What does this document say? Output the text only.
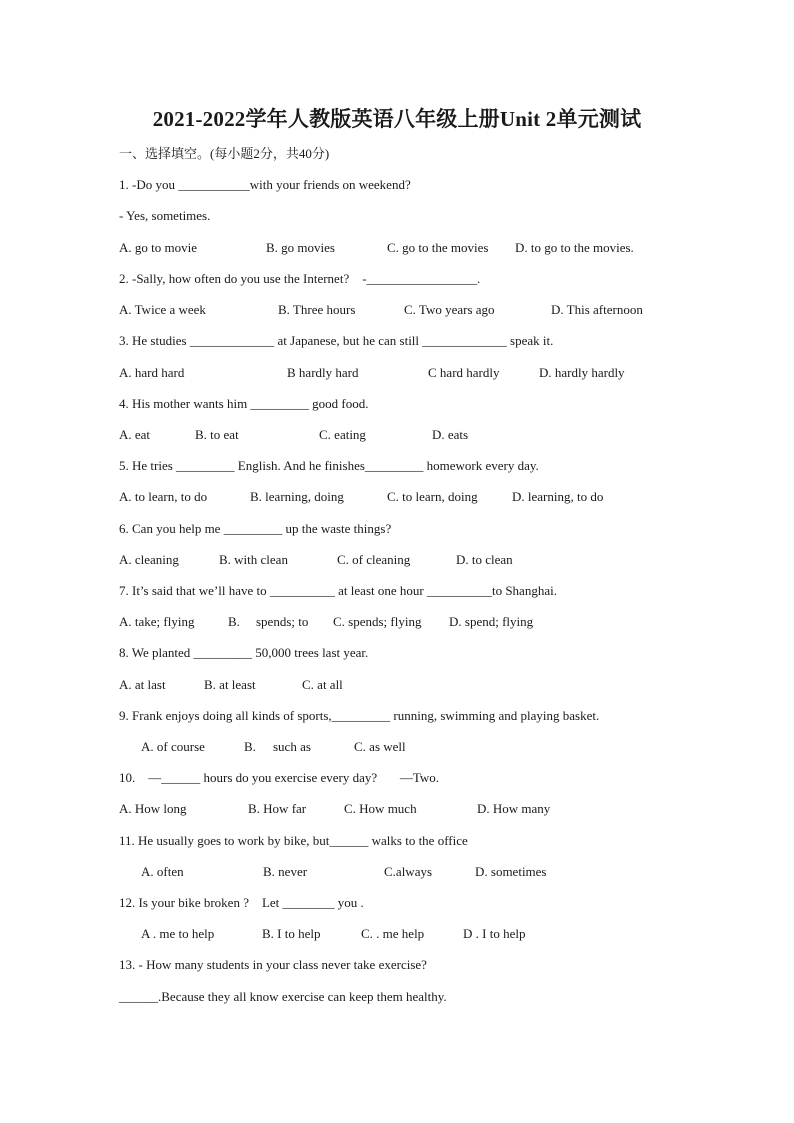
2021-2022学年人教版英语八年级上册Unit 2单元测试
一、选择填空。(每小题2分，共40分)
1. -Do you ___________with your friends on weekend?
- Yes, sometimes.
A. go to movie	B. go movies	C. go to the movies D. to go to the movies.
2. -Sally, how often do you use the Internet?    -_________________.
A. Twice a week	B. Three hours	C. Two years ago	D. This afternoon
3. He studies _____________ at Japanese, but he can still _____________ speak it.
A. hard hard	B hardly hard	C hard hardly	D. hardly hardly
4. His mother wants him _________ good food.
A. eat	B. to eat	C. eating	D. eats
5. He tries _________ English. And he finishes_________ homework every day.
A. to learn, to do	B. learning, doing	C. to learn, doing	D. learning, to do
6. Can you help me _________ up the waste things?
A. cleaning	B. with clean	C. of cleaning	D. to clean
7. It’s said that we’ll have to __________ at least one hour __________to Shanghai.
A. take; flying	B. spends; to C. spends; flying D. spend; flying
8. We planted _________ 50,000 trees last year.
A. at last	B. at least	C. at all
9. Frank enjoys doing all kinds of sports,_________ running, swimming and playing basket.
A. of course	B. such as	C. as well
10.    —______ hours do you exercise every day?       —Two.
A. How long	B. How far	C. How much	D. How many
11. He usually goes to work by bike, but______ walks to the office
A. often	B. never	C.always	D. sometimes
12. Is your bike broken ?    Let ________ you .
A . me to help	B. I to help	C. . me help	D . I to help
13. - How many students in your class never take exercise?
______.Because they all know exercise can keep them healthy.
